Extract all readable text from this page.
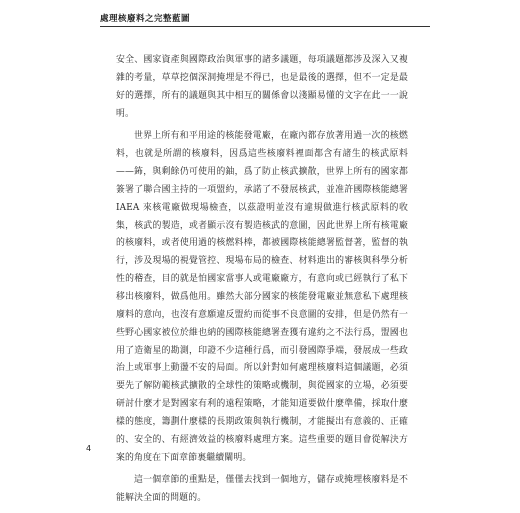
處理核廢料之完整藍圖

安全、國家資產與國際政治與軍事的諸多議題，每項議題都涉及深入又複雜的考量，草草挖個深洞掩埋是不得已，也是最後的選擇，但不一定是最好的選擇，所有的議題與其中相互的關係會以淺顯易懂的文字在此一一說明。

世界上所有和平用途的核能發電廠，在廠內都存放著用過一次的核燃料，也就是所謂的核廢料，因爲這些核廢料裡面都含有諸生的核武原料——鈽，與剩餘仍可使用的鈾，爲了防止核武擴散，世界上所有的國家都簽署了聯合國主持的一項盟約，承諾了不發展核武，並准許國際核能總署 IAEA 來核電廠做現場檢查，以茲證明並沒有違規做進行核武原料的收集，核武的製造，或者顯示沒有製造核武的意圖，因此世界上所有核電廠的核廢料，或者使用過的核燃料棒，都被國際核能總署監督著，監督的執行，涉及現場的視覺管控、現場布局的檢查、材料進出的審核與科學分析性的稽查，目的就是怕國家當事人或電廠廠方，有意向或已經執行了私下移出核廢料，做爲他用。雖然大部分國家的核能發電廠並無意私下處理核廢料的意向，也沒有意願違反盟約而從事不良意圖的安排，但是仍然有一些野心國家被位於維也納的國際核能總署查獲有違約之不法行爲，盟國也用了造衛星的勘測，印證不少這種行爲，而引發國際爭端，發展成一些政治上或軍事上動盪不安的局面。所以針對如何處理核廢料這個議題，必須要先了解防範核武擴散的全球性的策略或機制，與從國家的立場，必須要研討什麼才是對國家有利的遠程策略，才能知道要做什麼準備，採取什麼樣的態度，籌劃什麼樣的長期政策與執行機制，才能擬出有意義的、正確的、安全的、有經濟效益的核廢料處理方案。這些重要的題目會從解決方案的角度在下面章節裏繼續闡明。

這一個章節的重點是，僅僅去找到一個地方，儲存或掩埋核廢料是不能解決全面的問題的。

4
